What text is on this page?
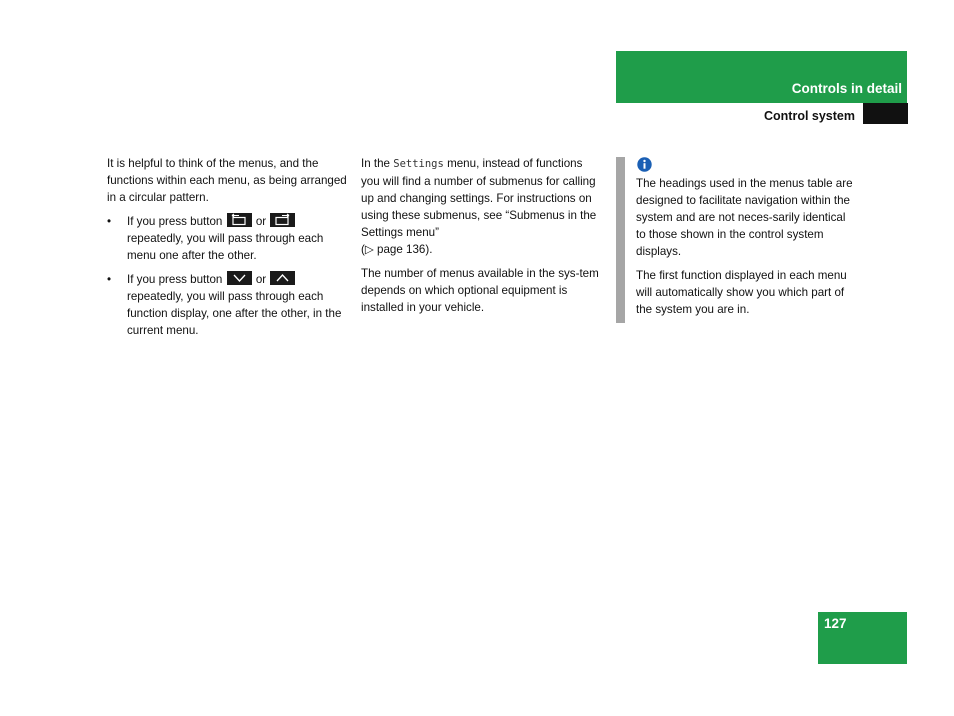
Controls in detail
Control system

It is helpful to think of the menus, and the functions within each menu, as being arranged in a circular pattern.

• If you press button	or
repeatedly, you will pass through each menu one after the other.
• If you press button	or
repeatedly, you will pass through each function display, one after the other, in the current menu.

In the Settings menu, instead of functions you will find a number of submenus for calling up and changing settings. For instructions on using these submenus, see “Submenus in the Settings menu”
(▷ page 136).

The number of menus available in the sys-tem depends on which optional equipment is installed in your vehicle.

The headings used in the menus table are designed to facilitate navigation within the system and are not neces-sarily identical to those shown in the control system displays.

The first function displayed in each menu will automatically show you which part of the system you are in.

127
